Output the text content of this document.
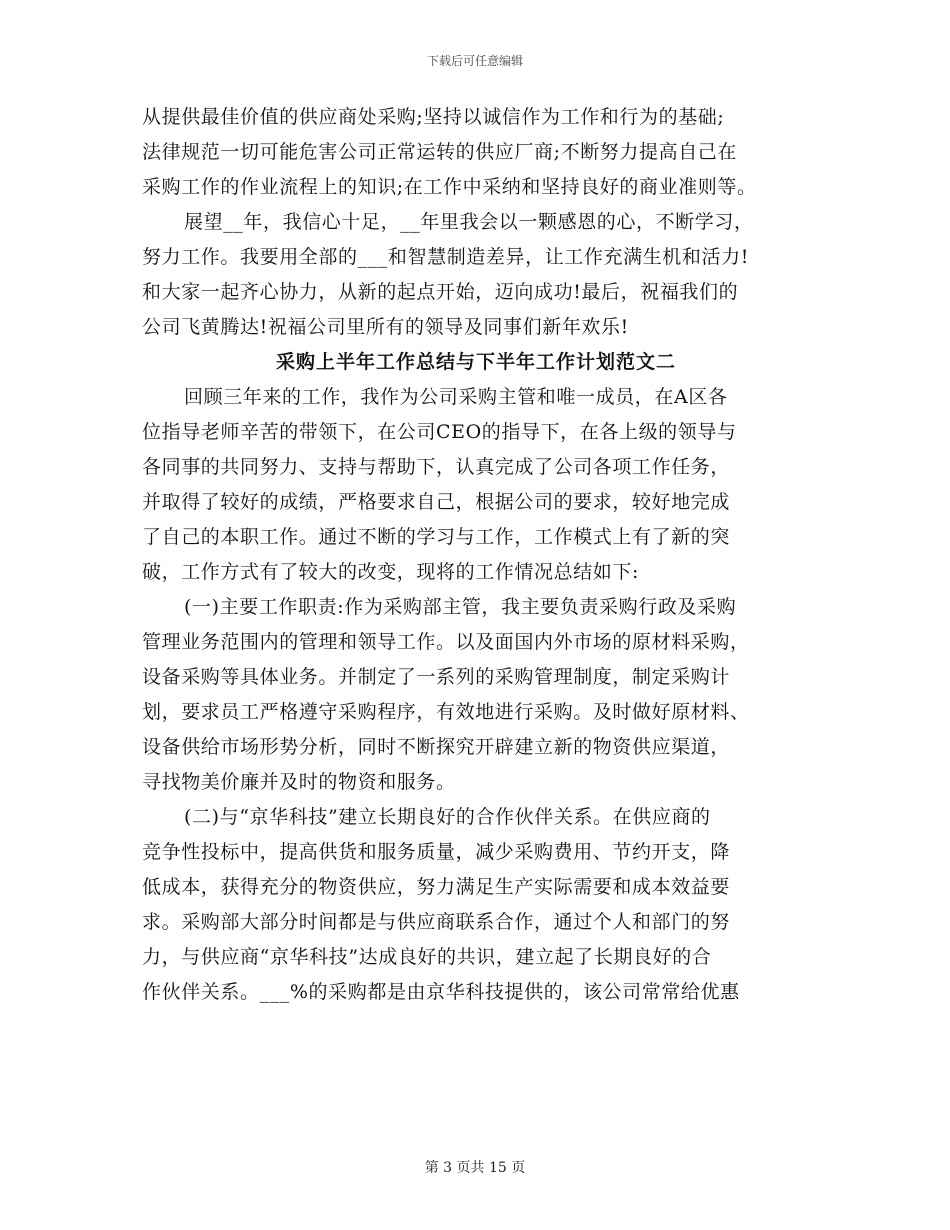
下载后可任意编辑
从提供最佳价值的供应商处采购;坚持以诚信作为工作和行为的基础;
法律规范一切可能危害公司正常运转的供应厂商;不断努力提高自己在
采购工作的作业流程上的知识;在工作中采纳和坚持良好的商业准则等。
展望__年，我信心十足，__年里我会以一颗感恩的心，不断学习，
努力工作。我要用全部的___和智慧制造差异，让工作充满生机和活力!
和大家一起齐心协力，从新的起点开始，迈向成功!最后，祝福我们的
公司飞黄腾达!祝福公司里所有的领导及同事们新年欢乐!
采购上半年工作总结与下半年工作计划范文二
回顾三年来的工作，我作为公司采购主管和唯一成员，在A区各
位指导老师辛苦的带领下，在公司CEO的指导下，在各上级的领导与
各同事的共同努力、支持与帮助下，认真完成了公司各项工作任务，
并取得了较好的成绩，严格要求自己，根据公司的要求，较好地完成
了自己的本职工作。通过不断的学习与工作，工作模式上有了新的突
破，工作方式有了较大的改变，现将的工作情况总结如下:
(一)主要工作职责:作为采购部主管，我主要负责采购行政及采购
管理业务范围内的管理和领导工作。以及面国内外市场的原材料采购，
设备采购等具体业务。并制定了一系列的采购管理制度，制定采购计
划，要求员工严格遵守采购程序，有效地进行采购。及时做好原材料、
设备供给市场形势分析，同时不断探究开辟建立新的物资供应渠道，
寻找物美价廉并及时的物资和服务。
(二)与“京华科技”建立长期良好的合作伙伴关系。在供应商的
竞争性投标中，提高供货和服务质量，减少采购费用、节约开支，降
低成本，获得充分的物资供应，努力满足生产实际需要和成本效益要
求。采购部大部分时间都是与供应商联系合作，通过个人和部门的努
力，与供应商“京华科技”达成良好的共识，建立起了长期良好的合
作伙伴关系。___%的采购都是由京华科技提供的，该公司常常给优惠
第 3 页共 15 页
